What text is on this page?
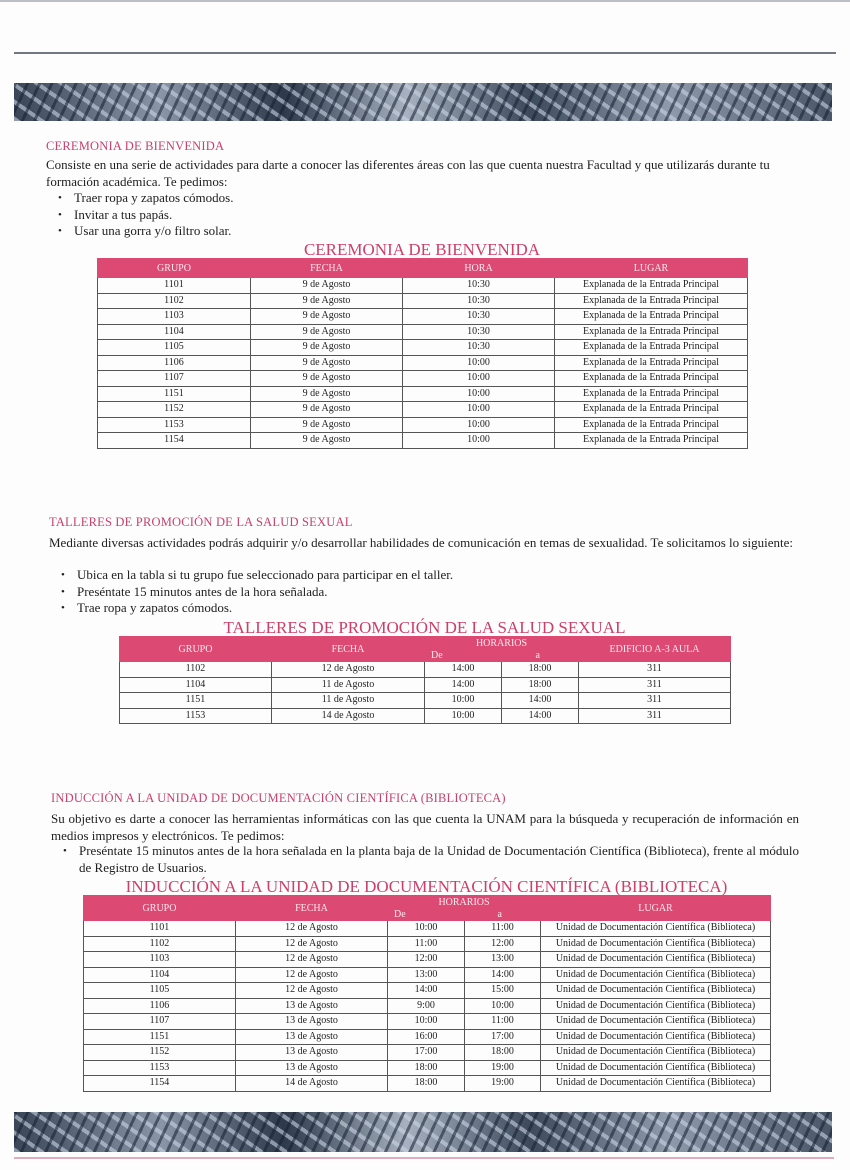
CEREMONIA DE BIENVENIDA

Consiste en una serie de actividades para darte a conocer las diferentes áreas con las que cuenta nuestra Facultad y que utilizarás durante tu formación académica. Te pedimos:

• Traer ropa y zapatos cómodos.
• Invitar a tus papás.
• Usar una gorra y/o filtro solar.
CEREMONIA DE BIENVENIDA
GRUPO	FECHA	HORA	LUGAR
1101	9 de Agosto	10:30	Explanada de la Entrada Principal
1102	9 de Agosto	10:30	Explanada de la Entrada Principal
1103	9 de Agosto	10:30	Explanada de la Entrada Principal
1104	9 de Agosto	10:30	Explanada de la Entrada Principal
1105	9 de Agosto	10:30	Explanada de la Entrada Principal
1106	9 de Agosto	10:00	Explanada de la Entrada Principal
1107	9 de Agosto	10:00	Explanada de la Entrada Principal
1151	9 de Agosto	10:00	Explanada de la Entrada Principal
1152	9 de Agosto	10:00	Explanada de la Entrada Principal
1153	9 de Agosto	10:00	Explanada de la Entrada Principal
1154	9 de Agosto	10:00	Explanada de la Entrada Principal
TALLERES DE PROMOCIÓN DE LA SALUD SEXUAL

Mediante diversas actividades podrás adquirir y/o desarrollar habilidades de comunicación en temas de sexualidad. Te solicitamos lo siguiente:

• Ubica en la tabla si tu grupo fue seleccionado para participar en el taller.
• Preséntate 15 minutos antes de la hora señalada.
• Trae ropa y zapatos cómodos.
TALLERES DE PROMOCIÓN DE LA SALUD SEXUAL
GRUPO	FECHA	HORARIOS
De a		EDIFICIO A-3 AULA
1102	12 de Agosto	14:00	18:00	311
1104	11 de Agosto	14:00	18:00	311
1151	11 de Agosto	10:00	14:00	311
1153	14 de Agosto	10:00	14:00	311
INDUCCIÓN A LA UNIDAD DE DOCUMENTACIÓN CIENTÍFICA (BIBLIOTECA)

Su objetivo es darte a conocer las herramientas informáticas con las que cuenta la UNAM para la búsqueda y recuperación de información en medios impresos y electrónicos. Te pedimos:

• Preséntate 15 minutos antes de la hora señalada en la planta baja de la Unidad de Documentación Científica (Biblioteca), frente al módulo de Registro de Usuarios.
INDUCCIÓN A LA UNIDAD DE DOCUMENTACIÓN CIENTÍFICA (BIBLIOTECA)
GRUPO	FECHA	HORARIOS
De a		LUGAR
1101	12 de Agosto	10:00	11:00	Unidad de Documentación Científica (Biblioteca)
1102	12 de Agosto	11:00	12:00	Unidad de Documentación Científica (Biblioteca)
1103	12 de Agosto	12:00	13:00	Unidad de Documentación Científica (Biblioteca)
1104	12 de Agosto	13:00	14:00	Unidad de Documentación Científica (Biblioteca)
1105	12 de Agosto	14:00	15:00	Unidad de Documentación Científica (Biblioteca)
1106	13 de Agosto	9:00	10:00	Unidad de Documentación Científica (Biblioteca)
1107	13 de Agosto	10:00	11:00	Unidad de Documentación Científica (Biblioteca)
1151	13 de Agosto	16:00	17:00	Unidad de Documentación Científica (Biblioteca)
1152	13 de Agosto	17:00	18:00	Unidad de Documentación Científica (Biblioteca)
1153	13 de Agosto	18:00	19:00	Unidad de Documentación Científica (Biblioteca)
1154	14 de Agosto	18:00	19:00	Unidad de Documentación Científica (Biblioteca)
